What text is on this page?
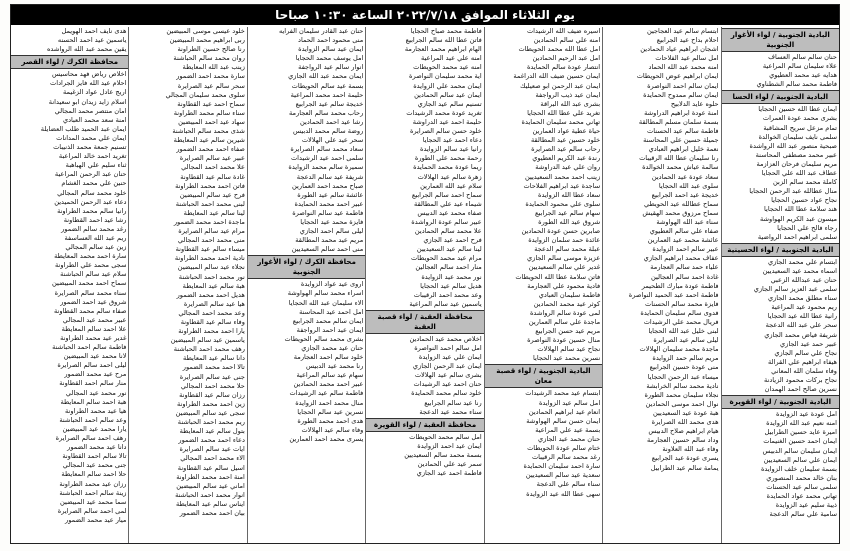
يوم الثلاثاء الموافق ٢٠٢٢/٧/١٨ الساعة ١٠:٣٠ صباحا
البادية الجنوبية / لواء الأغوار الجنوبية
حنان سالم سالم العساف
علاء سليمان سالم المراعية
هدايه عيد محمد العطيوي
فاطمة محمد سالم الشطناوي
البادية الجنوبية / لواء الحسا
ايمان عطا الله حسين الحجايا
بشرى محمد عودة العمرات
تمام مزعل سريح المشاقبة
سلمى نايف سليمان الخوالدة
صبحية منصور عبد الله الرواشدة
عبير محمد مصطفى المحاسنة
مريم سليمان فرحان العزازمة
عطاف عبد الله علي الحجايا
كاملة محمد سالم الزبن
منال عطالله عبد الرحمن الحجايا
نجاح عواد حسين الحجايا
هند سلامة عطا الله الحجايا
ميسون عبد الكريم الهواوشة
رجاء فالح علي الحجايا
سلمى ابراهيم احمد الرواضية
البادية الجنوبية / لواء الحسينية
ابتسام علي محمد الجازي
اسماء محمد عيد السعيديين
حنان عيد عبدالله الزعبي
سلمى عبد العزيز سالم الجازي
سناء مطلق محمد الجازي
ريم محمود عيد المراعية
رانية عطا الله عيد الحجايا
سحر علي عبد الله الدعجة
شريفة فياض محمد الجازي
عبير حمد عيد الجازي
نجاح علي سالم الجازي
هيفاء ابراهيم علي القرالة
وفاء سلمان الله المعاني
نجاح بركات محمود الزيادنة
نسرين صالح احمد الهمدان
البادية الجنوبية / لواء القويرة
امل عودة عيد الزوايدة
امنه نعيم عبد الله الزوايدة
اميرة عايد حسين الطرابيل
ايمان احمد حسين الغنيمات
ايمان سليمان سالم الدبيس
ايمان علي سالم السعيديين
بسمة سليمان خلف الزوايدة
بنان خالد محمد المنصوري
سلمى سالم عيد الحسنات
تهاني محمد عواد الحمايدة
ذيبة سليم عيد الزوايدة
سامية علي سالم الدعجة
ابتسام سالم عيد العجاجين
احلام بداح عيد الجرابيع
اشجان ابراهيم عياد الحمادين
امل سالم عيد الفلاحات
امنه محمد عبد الله الحماد
ايمان ابراهيم عوض الحويطات
ايمان سالم احمد النواصرة
ايمان سالم ممدوح الحمايدة
حلوه عايد الدلابيح
امنة عودة ابراهيم الدراوشة
بسمة سلمان مسلم المطالقة
فاطمة سالم عيد الحسنات
جميلة حسين علي المحاسنة
نعمة خليل ابراهيم العبادي
رنا سليمان عطا الله الرقيبات
سالمة عياش محمد الخوالدة
سعاد عودة عيد الحمادين
سلوى عبد الله الحجايا
خديجة عيد احمد الجرابيع
سماح عطالله عيد الحويطي
سماح مرزوق محمد الهقيش
سناء عبد الله الهواوشة
صفاء علي سالم العطيوي
عائشة محمد عيد العمارين
عبير سالم احمد الزوايدة
عفاف محمد ابراهيم الجازي
علياء حمد سالم العجارمة
غادة احمد سالم العجالين
فاطمة عودة مبارك الطحيمر
فاطمة احمد عبد الحميد النواصرة
فايزة محمد سالم الحسنات
فدوى سالم سليمان الحمايدة
فريال محمد علي الرشيدات
لبنى خليل عبد الله الحجايا
ليلى سالم عيد الصرايرة
ماجدة محمد سليمان الهلالات
مريم سالم حمد الزوايدة
منى عودة حسين الجرابيع
ميساء عبد الرحمن الحجايا
نادية محمد سالم الخرابشة
نجلاء سليمان محمد الطورة
نوال احمد موسى الحمادين
هبة عودة عيد السعيديين
هدى محمد الله الصرايرة
هيام ابراهيم صلاح الدبيس
وداد سالم حسين العجارمة
وفاء عبد الله العلاونة
يسرى عودة عيد الجرابيع
يمامة سالم عيد الطرابيل
اسيره ضيف الله الرشيدات
امنه علي سالم الحمادين
امل عطا الله محمد الحويطات
امل عبد الرحيم الحمادين
انتصار عودة سالم الحمايدة
ايمان حسين ضيف الله الدراغمة
ايمان عبد الرحمن ابو صعيليك
ايمان عيد ذيب الرواجفة
بشرى عبد الله البراقة
تغريد علي عطا الله الحجايا
تهاني محمد سليمان الحمايدة
حياة عطية عواد العمارين
خلود حسين عيد المطالقة
رحاب سالم عيد الصرايرة
رندة عبد الكريم العطيوي
روان علي عيد الدراوشة
زينب احمد محمد السعيديين
ساجدة عيد ابراهيم الفلاحات
سعاد عطا الله الزوايدة
سلوى علي محمود الحمايدة
سهام سالم عيد الجرابيع
شروق عيد الله الطورة
صابرين حسن عودة الحمادين
عائدة حمد سلمان الزوايدة
عبلة محمد سالم الدعجة
عزيزة موسى سالم الجازي
غدير علي سالم السعيديين
فاتن سلامة عطا الله الحويطات
فادية محمود علي العجارمة
فاطمة سليمان العبادي
كوثر عيد محمد الحمادين
لمى عودة سالم الرواشدة
ماجدة علي سالم العمارين
مريم عيد حسن الجرابيع
منال حسين عودة النواصرة
نجاح عيد سالم الهلالات
نسرين محمد عيد الحجايا
البادية الجنوبية / لواء قصبة معان
ابتسام عيد محمد الرشيدات
امل سالم عيد الزوايدة
انعام عيد ابراهيم الحمادين
ايمان حسن سالم الهواوشة
بسمة عيد علي المراعية
حنان محمد عيد الجازي
ختام سالم عودة الحويطات
رغد محمد سالم الرقيبات
سارة احمد سليمان الحمايدة
سعدية عيد سالم السعيديين
سناء سالم علي الدعجة
سهى عطا الله عيد الزوايدة
فاطمة محمد صباح الحجايا
فاتن عطا الله سالم الجرابيع
الهام ابراهيم محمد العجارمة
امنه علي عيد المراعية
امنه عيد محمد الحويطات
اية محمد سليمان النواصرة
ايمان محمد علي الزوايدة
ايمان عيد سالم الحمادين
تسنيم سالم عيد الجازي
تغريد عودة محمد الرشيدات
حليمة احمد عيد الدراوشة
خلود حسن سالم الصرايرة
دعاء احمد عيد الحجايا
رانيا عيد سالم الزوايدة
رحمة محمد علي الطورة
ريما عودة محمد الحمايدة
زهرة سالم عيد الهلالات
سلام عيد الله العمارين
سماح احمد سالم الجرابيع
شيماء عيد علي المطالقة
صفاء محمد عيد الدبيس
عبير سالم عودة الرواشدة
علا محمد سالم الحمادين
فرح احمد عيد الجازي
لينا سالم عيد السعيديين
مرام عيد محمد الحويطات
منار احمد سالم العجالين
نور محمد عيد الزوايدة
هديل سالم عيد الحجايا
وعد محمد احمد الرقيبات
ياسمين عيد سالم المراعية
محافظة العقبة / لواء قصبة العقبة
اخلاص محمد عيد الحمادين
امل سالم احمد النواصرة
ايمان علي عيد الزوايدة
ايمان عبد الرحمن الجازي
بشرى سالم عيد الهلالات
حنان احمد عيد الرشيدات
خلود سالم محمد الحمايدة
رنا عيد سالم الجرابيع
سناء محمد عيد الدعجة
محافظة العقبة / لواء القويرة
امل سالم محمد الحويطات
ايمان عيد احمد الزوايدة
بسمة محمد سالم السعيديين
سمر عيد علي الحمادين
فاطمة احمد عيد الجازي
حنان عبد القادر سليمان الفرايه
منى محمود احمد الحماد
ايمان عيد سالم الزوايدة
امل يوسف محمد الحجايا
انوار سالم عيد الرواجفة
ايمان محمد عبد الله الجازي
بسمة عيد سالم الحويطات
حليمة احمد محمد المراعية
خديجة سالم عيد الجرابيع
رحاب محمد سالم العجارمة
رشا عيد احمد الحمادين
روضة سالم محمد الدبيس
سحر عيد علي الهلالات
سعاد محمد سالم الصرايرة
سلمى احمد عيد الرشيدات
سميرة سالم محمد الزوايدة
شريفة عيد سالم الدعجة
صباح محمد احمد العمارين
عائشة سالم عيد الطورة
عبير احمد محمد الحمايدة
فاطمة عيد سالم النواصرة
فايزة محمد عيد الحجايا
ليلى سالم احمد الجازي
مريم عيد محمد المطالقة
منى احمد سالم السعيديين
محافظة الكرك / لواء الأغوار الجنوبية
اروى عيد عواد الزوايدة
اسراء محمد سالم الهواوشة
الاء سليمان عبد الله الحجايا
امل احمد عيد المحاسنة
ايمان سالم محمد الجرابيع
ايمان عيد احمد الرواجفة
بشرى محمد سالم الحويطات
حنان عيد محمد الجازي
خلود سالم احمد العجارمة
رنا محمد عيد الدبيس
سهام عيد سالم المراعية
عبير احمد محمد الحمادين
فاطمة سالم عيد الرشيدات
منال محمد احمد الزوايدة
نسرين عيد سالم الحجايا
هدى احمد محمد الطورة
وفاء سالم عيد الهلالات
يسرى محمد احمد العمارين
خلود عيسى موسى المبيضين
ربى ابراهيم محمد المبيضين
رنا صالح حسين الطراونة
روان محمد سالم الحباشنة
زينب عبد الله المعايطة
سارة محمد احمد الضمور
سحر سالم عيد الصرايرة
سلوى محمد سليمان المجالي
سماح احمد عيد القطاونة
سناء سالم محمد الطراونة
سهاد عيد احمد المبيضين
شذى محمد سالم الحباشنة
شيرين سالم عيد المعايطة
صفاء احمد محمد الضمور
عبير عيد سالم الصرايرة
علا محمد احمد المجالي
غادة سالم عيد القطاونة
فاتن احمد محمد الطراونة
فرح عيد سالم المبيضين
لبنى محمد احمد الحباشنة
لينا سالم عيد المعايطة
ماجدة احمد محمد الضمور
مرام عيد سالم الصرايرة
منى محمد احمد المجالي
ميساء سالم عيد القطاونة
نادية احمد محمد الطراونة
نجلاء عيد سالم المبيضين
نور محمد احمد الحباشنة
هبة سالم عيد المعايطة
هديل احمد محمد الضمور
هيا عيد سالم الصرايرة
وعد محمد احمد المجالي
وفاء سالم عيد القطاونة
يارا احمد محمد الطراونة
ياسمين عيد سالم المبيضين
رهف محمد احمد الحباشنة
دانا سالم عيد المعايطة
تالا احمد محمد الضمور
جنى عيد سالم الصرايرة
حلا محمد احمد المجالي
رزان سالم عيد القطاونة
زين احمد محمد الطراونة
سجى عيد سالم المبيضين
ريم محمد احمد الحباشنة
بتول سالم عيد المعايطة
دعاء احمد محمد الضمور
ايات عيد سالم الصرايرة
الاء محمد احمد المجالي
اسيل سالم عيد القطاونة
امنة احمد محمد الطراونة
اماني عيد سالم المبيضين
انوار محمد احمد الحباشنة
ايناس سالم عيد المعايطة
بيان احمد محمد الضمور
هدى نايف احمد الهويمل
ياسمين عيد احمد الحسنه
يقين محمد عبد الله الرواشده
محافظة الكرك / لواء القصر
اخلاص رياض فهد محاسيس
احلام عيد الله فايز الجرادات
اريج عادل عواد الزغيمة
اسلام زايد زيدان ابو سعيدانة
امان منتصر محمد المجالي
امنة سعد محمد العبادي
ايمان عبد الحميد طلب العضايلة
ايمان علي محمد المدانات
تسنيم جمعة محمد الذنيبات
تغريد احمد خالد المراعبة
ثناء سليم علي الهباهبة
حنان عبد الرحمن المراعية
حنين علي محمد الغشام
خلود محمد سالم المجالي
دعاء عبد الرحمن الحميدين
رانيا سالم محمد الطراونة
رشا عيد احمد القطاونة
رغد محمد سالم الضمور
ريم عبد الله العساسفة
زين عيد سالم المجالي
سارة احمد محمد المعايطة
سجى محمد علي الطراونة
سلام عيد سالم الحباشنة
سماح احمد محمد المبيضين
سناء محمد سالم الصرايرة
شروق عيد احمد الضمور
صفاء سالم محمد القطاونة
عبير محمد عيد المجالي
علا احمد سالم المعايطة
غدير عيد محمد الطراونة
فاطمة سالم احمد الحباشنة
لانا محمد عيد المبيضين
ليلى احمد سالم الصرايرة
مرح عيد محمد الضمور
منار سالم احمد القطاونة
نور محمد عيد المجالي
هبة احمد سالم المعايطة
هيا عيد محمد الطراونة
وعد سالم احمد الحباشنة
يارا محمد عيد المبيضين
رهف احمد سالم الصرايرة
دانا عيد محمد الضمور
تالا سالم احمد القطاونة
جنى محمد عيد المجالي
حلا احمد سالم المعايطة
رزان عيد محمد الطراونة
زينة سالم احمد الحباشنة
سما محمد عيد المبيضين
لمى احمد سالم الصرايرة
ميار عيد محمد الضمور
